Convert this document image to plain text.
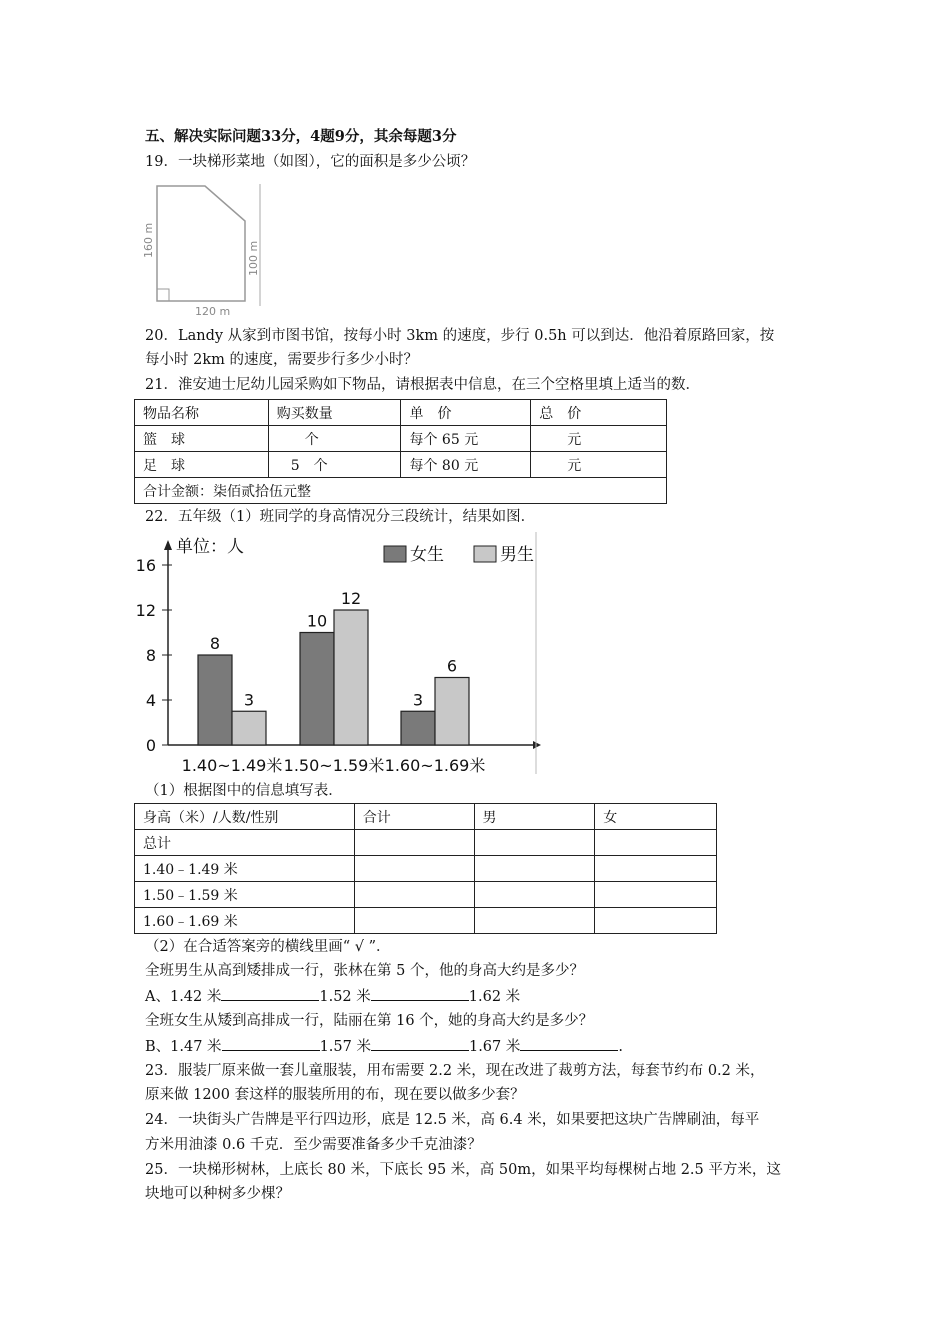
五、解决实际问题33分，4题9分，其余每题3分
19．一块梯形菜地（如图），它的面积是多少公顷？
160 m
100 m
120 m
20．Landy 从家到市图书馆，按每小时 3km 的速度，步行 0.5h 可以到达．他沿着原路回家，按
每小时 2km 的速度，需要步行多少小时？
21．淮安迪士尼幼儿园采购如下物品，请根据表中信息，在三个空格里填上适当的数．
物品名称	购买数量	单　价	总　价
篮　球	　　个	每个 65 元	　　元
足　球	　5　个	每个 80 元	　　元
合计金额：柒佰贰拾伍元整			
22．五年级（1）班同学的身高情况分三段统计，结果如图．
0
4
8
12
16
单位：人	女生	男生
8
3
1.40~1.49米
10
12
1.50~1.59米
3
6
1.60~1.69米
（1）根据图中的信息填写表．
身高（米）/人数/性别	合计	男	女
总计			
1.40﹣1.49 米			
1.50﹣1.59 米			
1.60﹣1.69 米			
（2）在合适答案旁的横线里画“ √ ”．
全班男生从高到矮排成一行，张林在第 5 个，他的身高大约是多少？
A、1.42 米	1.52 米	1.62 米
全班女生从矮到高排成一行，陆丽在第 16 个，她的身高大约是多少？
B、1.47 米	1.57 米	1.67 米	.
23．服装厂原来做一套儿童服装，用布需要 2.2 米，现在改进了裁剪方法，每套节约布 0.2 米，
原来做 1200 套这样的服装所用的布，现在要以做多少套？
24．一块街头广告牌是平行四边形，底是 12.5 米，高 6.4 米，如果要把这块广告牌刷油，每平
方米用油漆 0.6 千克．至少需要准备多少千克油漆？
25．一块梯形树林，上底长 80 米，下底长 95 米，高 50m，如果平均每棵树占地 2.5 平方米，这
块地可以种树多少棵？
